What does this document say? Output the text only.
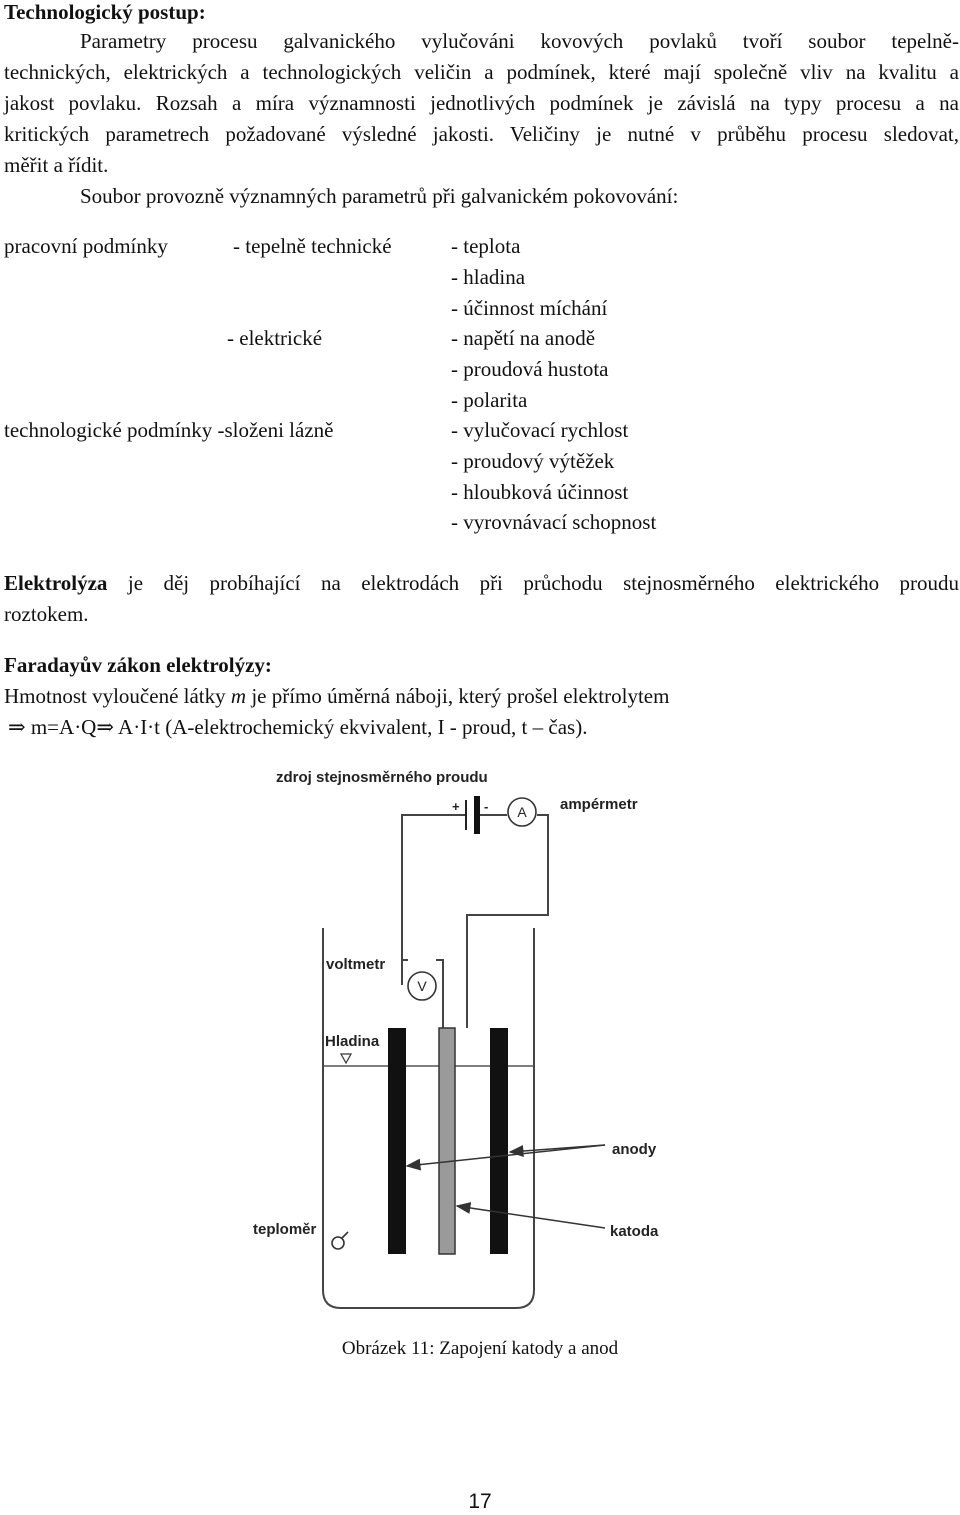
Technologický postup:
Parametry procesu galvanického vylučováni kovových povlaků tvoří soubor tepelně-
technických, elektrických a technologických veličin a podmínek, které mají společně vliv na kvalitu a
jakost povlaku. Rozsah a míra významnosti jednotlivých podmínek je závislá na typy procesu a na
kritických parametrech požadované výsledné jakosti. Veličiny je nutné v průběhu procesu sledovat,
měřit a řídit.
Soubor provozně významných parametrů při galvanickém pokovování:
pracovní podmínky	- tepelně technické
- elektrické
technologické podmínky -složeni lázně
- teplota
- hladina
- účinnost míchání
- napětí na anodě
- proudová hustota
- polarita
- vylučovací rychlost
- proudový výtěžek
- hloubková účinnost
- vyrovnávací schopnost
Elektrolýza je děj probíhající na elektrodách při průchodu stejnosměrného elektrického proudu
roztokem.
Faradayův zákon elektrolýzy:
Hmotnost vyloučené látky m je přímo úměrná náboji, který prošel elektrolytem
⇒ m=A·Q⇒ A·I·t (A-elektrochemický ekvivalent, I - proud, t – čas).
zdroj stejnosměrného proudu
+ - A ampérmetr
voltmetr
V
Hladina
teploměr
anody
katoda
Obrázek 11: Zapojení katody a anod
17
